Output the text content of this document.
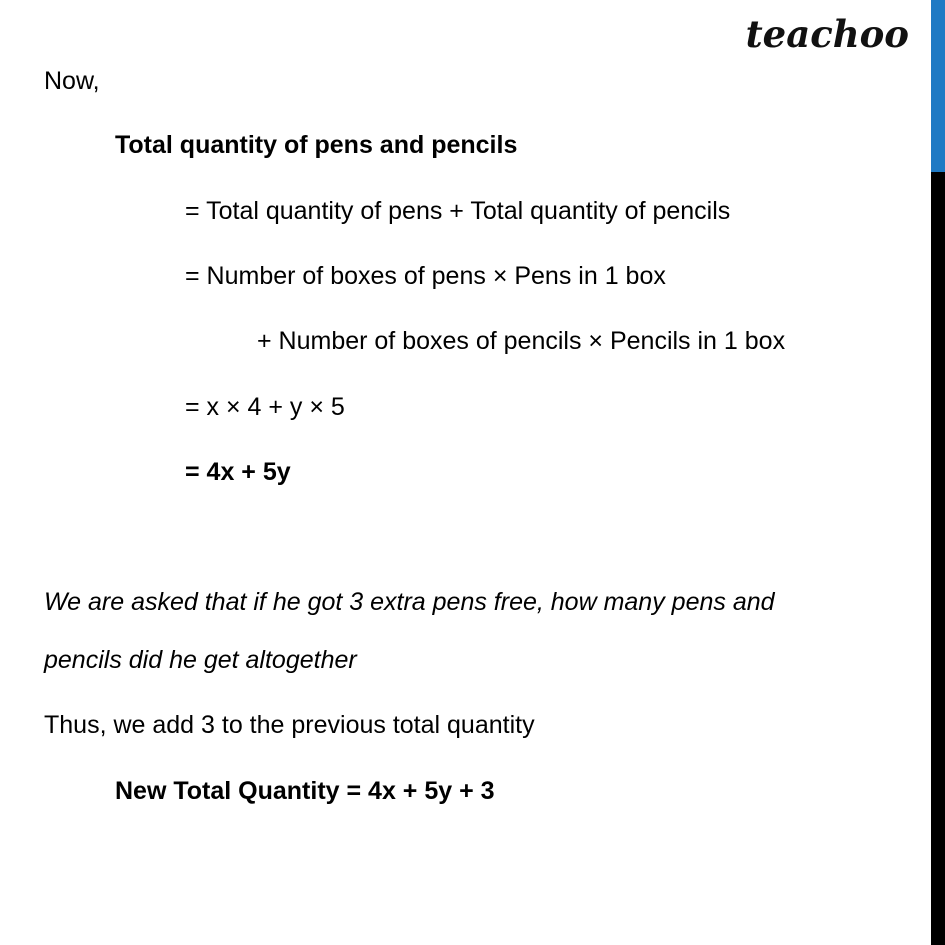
teachoo
Now,
Total quantity of pens and pencils
= Total quantity of pens + Total quantity of pencils
= Number of boxes of pens × Pens in 1 box
+ Number of boxes of pencils × Pencils in 1 box
= x × 4 + y × 5
= 4x + 5y
We are asked that if he got 3 extra pens free, how many pens and
pencils did he get altogether
Thus, we add 3 to the previous total quantity
New Total Quantity = 4x + 5y + 3
